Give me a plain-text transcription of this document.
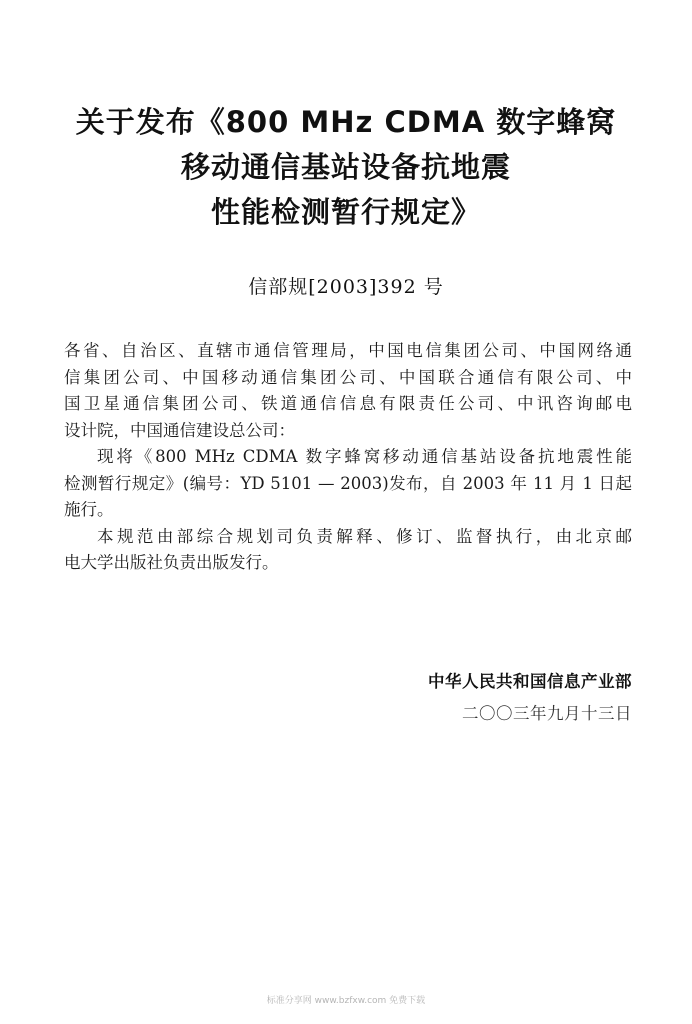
关于发布《800 MHz CDMA 数字蜂窝
移动通信基站设备抗地震
性能检测暂行规定》
信部规[2003]392 号
各省、自治区、直辖市通信管理局，中国电信集团公司、中国网络通
信集团公司、中国移动通信集团公司、中国联合通信有限公司、中
国卫星通信集团公司、铁道通信信息有限责任公司、中讯咨询邮电
设计院，中国通信建设总公司：
现将《800 MHz CDMA 数字蜂窝移动通信基站设备抗地震性能
检测暂行规定》(编号：YD 5101 — 2003)发布，自 2003 年 11 月 1 日起
施行。
本规范由部综合规划司负责解释、修订、监督执行，由北京邮
电大学出版社负责出版发行。
中华人民共和国信息产业部
二〇〇三年九月十三日
标准分享网 www.bzfxw.com 免费下载
